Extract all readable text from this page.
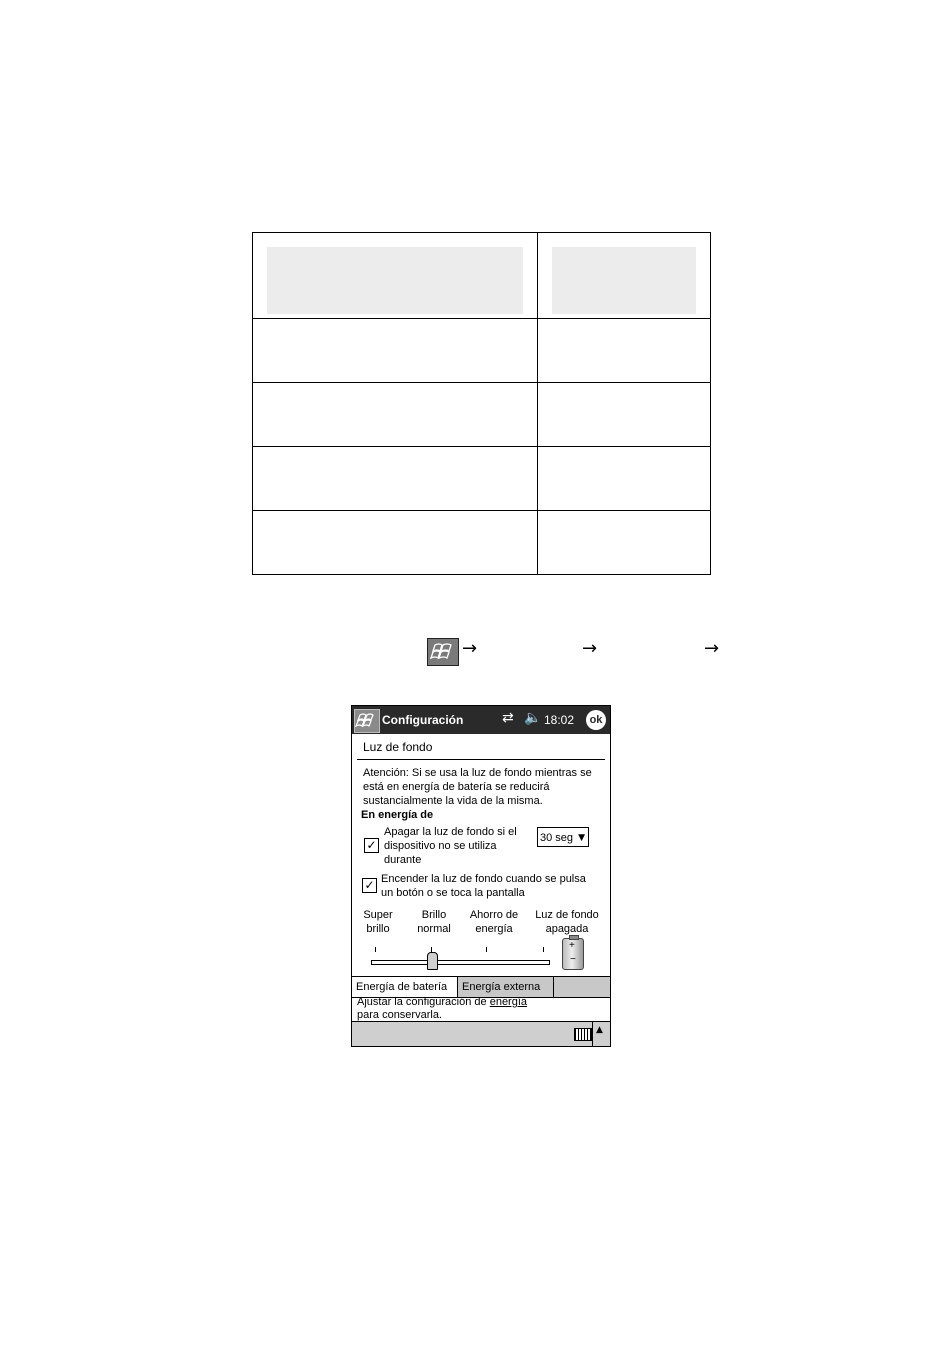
→	→	→
Configuración	⇄ 🔈 18:02	ok
Luz de fondo
Atención: Si se usa la luz de fondo mientras se está en energía de batería se reducirá sustancialmente la vida de la misma.
En energía de
✓
Apagar la luz de fondo si el dispositivo no se utiliza durante
30 seg ▼
✓ Encender la luz de fondo cuando se pulsa un botón o se toca la pantalla
Super brillo
Brillo normal
Ahorro de energía
Luz de fondo apagada
+
−
Energía de batería	Energía externa
Ajustar la configuración de energía
para conservarla.
▲
